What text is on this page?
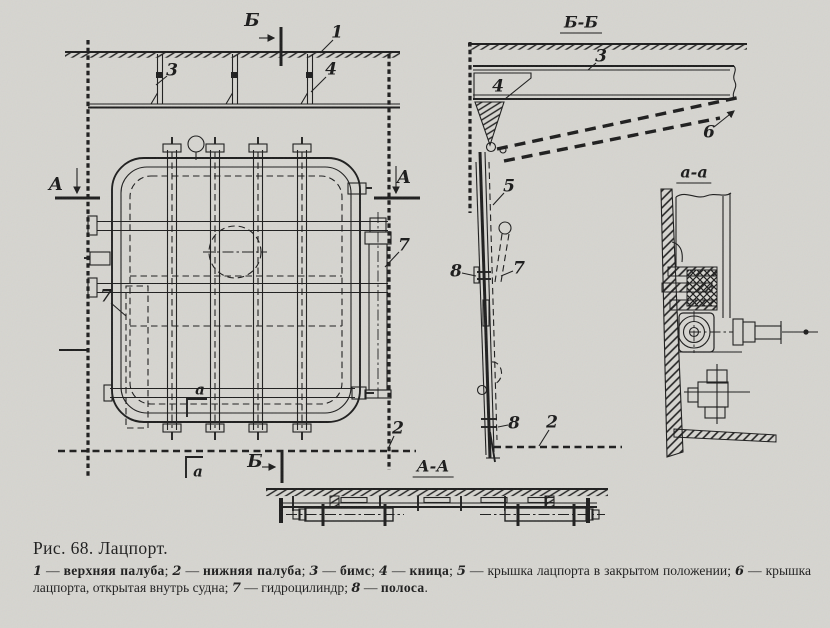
Б
1
3	4
А	А
7
7
а
2
а Б
Б-Б
3
4
5
6
8	7
8 2
а-а
А-А
Рис. 68. Лацпорт.
1 — верхняя палуба; 2 — нижняя палуба; 3 — бимс; 4 — кница; 5 — крышка лацпорта в закрытом положении; 6 — крышка лацпорта, открытая внутрь судна; 7 — гидроцилиндр; 8 — полоса.
